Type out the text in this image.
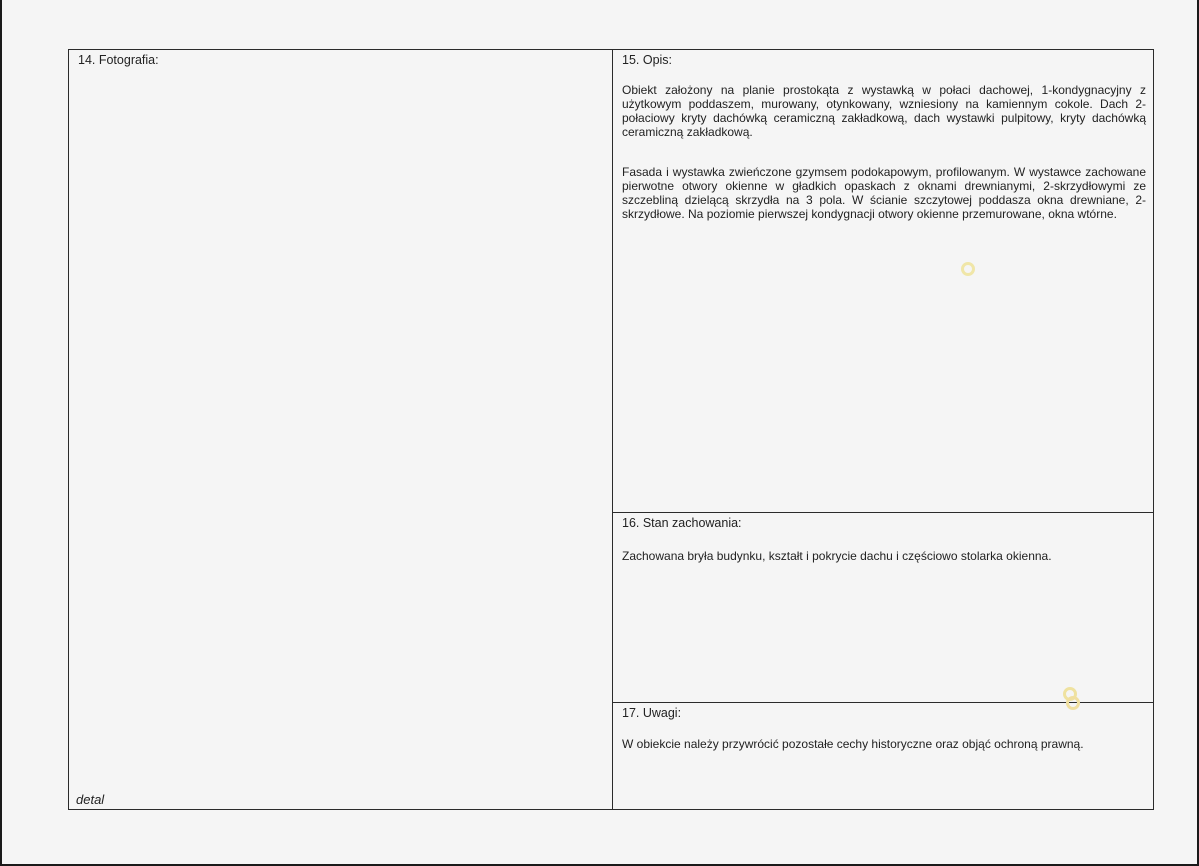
14. Fotografia:
detal
15. Opis:

Obiekt założony na planie prostokąta z wystawką w połaci dachowej, 1-kondygnacyjny z użytkowym poddaszem, murowany, otynkowany, wzniesiony na kamiennym cokole. Dach 2-połaciowy kryty dachówką ceramiczną zakładkową, dach wystawki pulpitowy, kryty dachówką ceramiczną zakładkową.

Fasada i wystawka zwieńczone gzymsem podokapowym, profilowanym. W wystawce zachowane pierwotne otwory okienne w gładkich opaskach z oknami drewnianymi, 2-skrzydłowymi ze szczebliną dzielącą skrzydła na 3 pola. W ścianie szczytowej poddasza okna drewniane, 2-skrzydłowe. Na poziomie pierwszej kondygnacji otwory okienne przemurowane, okna wtórne.

16. Stan zachowania:

Zachowana bryła budynku, kształt i pokrycie dachu i częściowo stolarka okienna.

17. Uwagi:

W obiekcie należy przywrócić pozostałe cechy historyczne oraz objąć ochroną prawną.
